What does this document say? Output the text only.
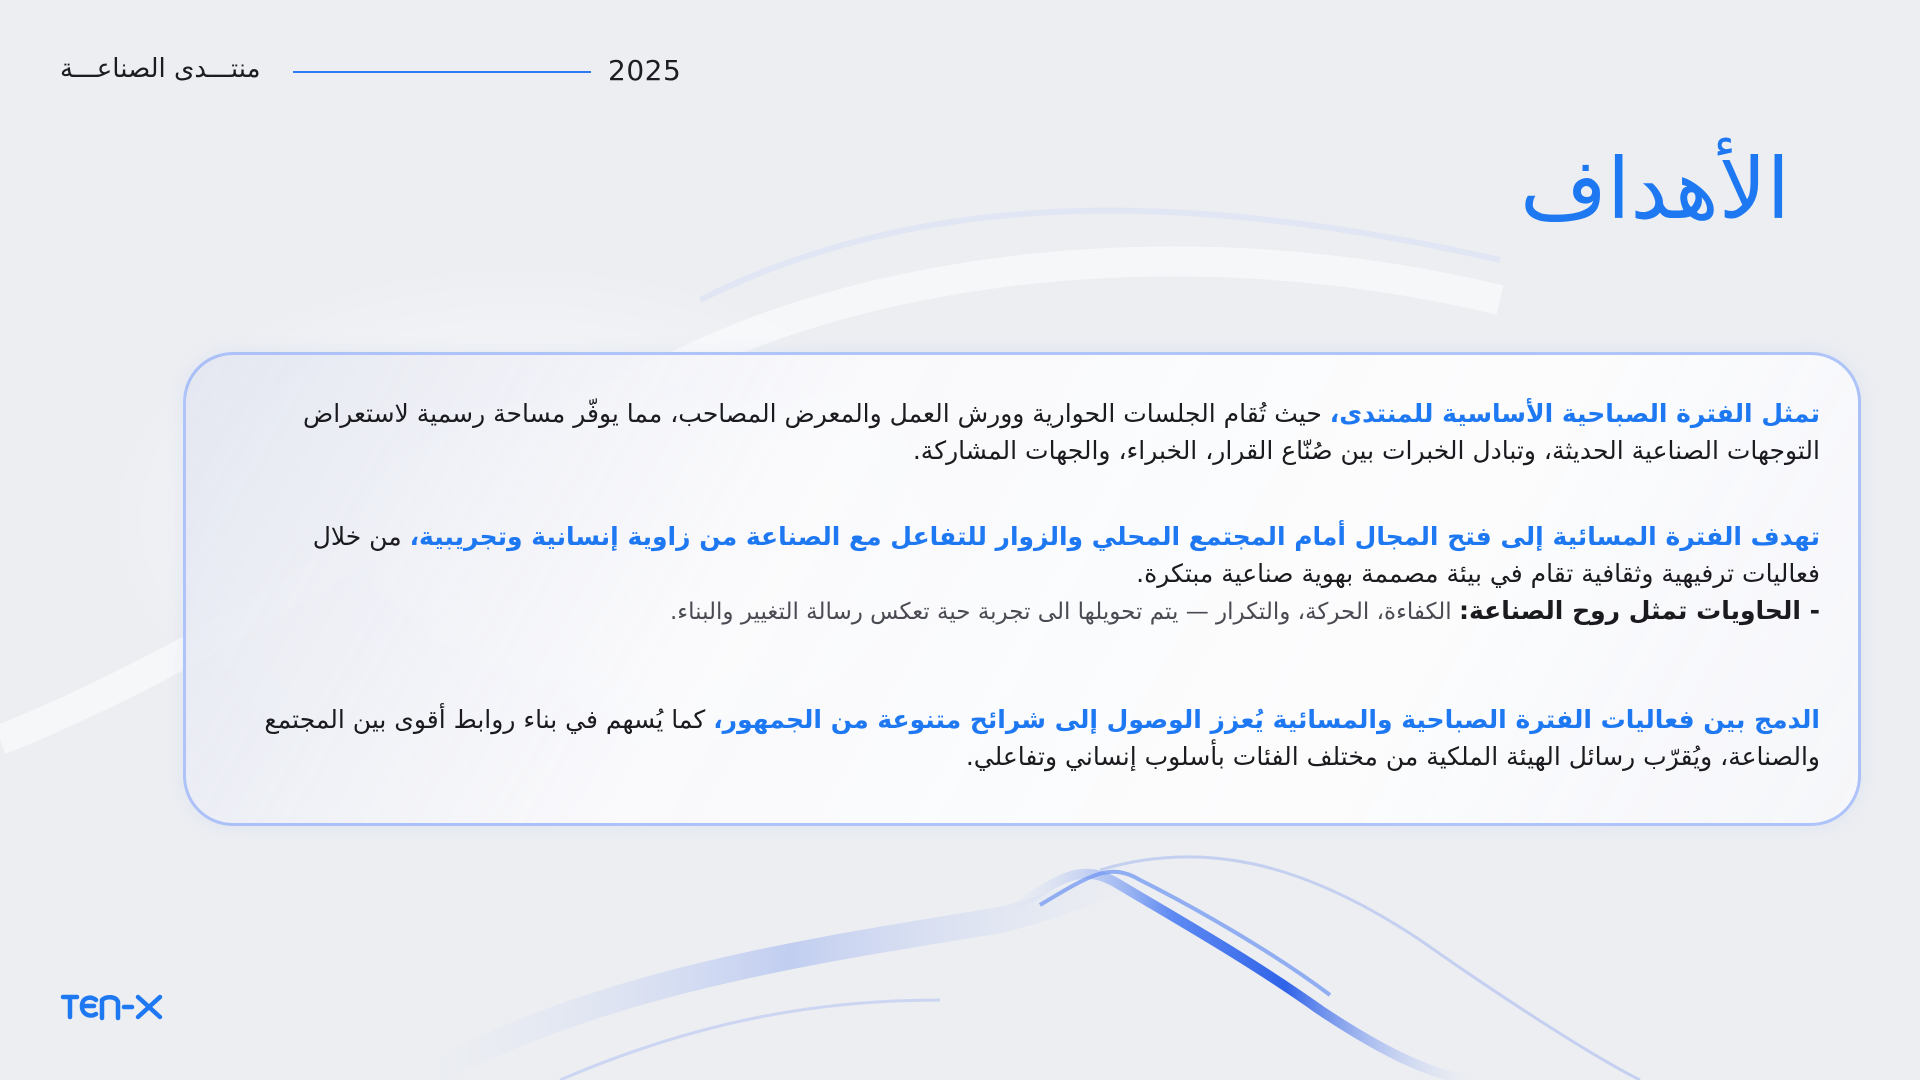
منتـــدى الصناعـــة	2025
الأهداف

تمثل الفترة الصباحية الأساسية للمنتدى، حيث تُقام الجلسات الحوارية وورش العمل والمعرض المصاحب، مما يوفّر مساحة رسمية لاستعراض التوجهات الصناعية الحديثة، وتبادل الخبرات بين صُنّاع القرار، الخبراء، والجهات المشاركة.

تهدف الفترة المسائية إلى فتح المجال أمام المجتمع المحلي والزوار للتفاعل مع الصناعة من زاوية إنسانية وتجريبية، من خلال فعاليات ترفيهية وثقافية تقام في بيئة مصممة بهوية صناعية مبتكرة.

- الحاويات تمثل روح الصناعة: الكفاءة، الحركة، والتكرار — يتم تحويلها الى تجربة حية تعكس رسالة التغيير والبناء.

الدمج بين فعاليات الفترة الصباحية والمسائية يُعزز الوصول إلى شرائح متنوعة من الجمهور، كما يُسهم في بناء روابط أقوى بين المجتمع والصناعة، ويُقرّب رسائل الهيئة الملكية من مختلف الفئات بأسلوب إنساني وتفاعلي.
